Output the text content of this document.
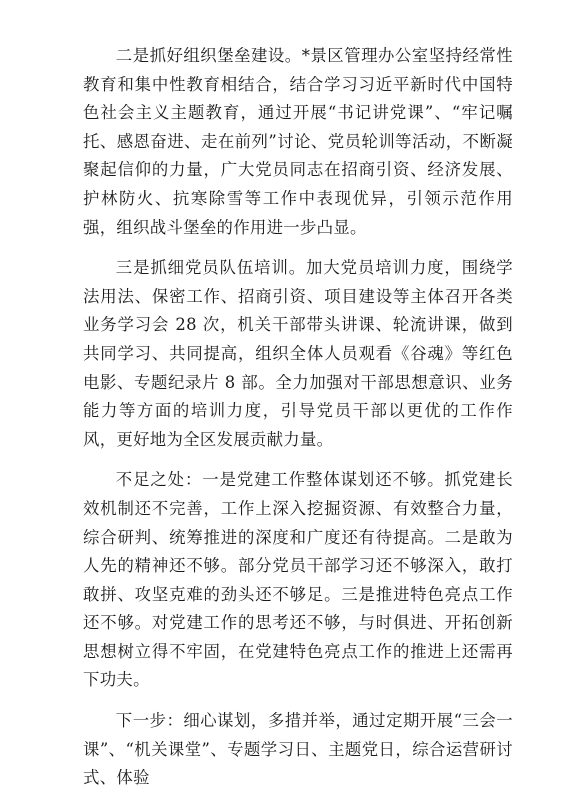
二是抓好组织堡垒建设。*景区管理办公室坚持经常性教育和集中性教育相结合，结合学习习近平新时代中国特色社会主义主题教育，通过开展“书记讲党课”、“牢记嘱托、感恩奋进、走在前列”讨论、党员轮训等活动，不断凝聚起信仰的力量，广大党员同志在招商引资、经济发展、护林防火、抗寒除雪等工作中表现优异，引领示范作用强，组织战斗堡垒的作用进一步凸显。

三是抓细党员队伍培训。加大党员培训力度，围绕学法用法、保密工作、招商引资、项目建设等主体召开各类业务学习会 28 次，机关干部带头讲课、轮流讲课，做到共同学习、共同提高，组织全体人员观看《谷魂》等红色电影、专题纪录片 8 部。全力加强对干部思想意识、业务能力等方面的培训力度，引导党员干部以更优的工作作风，更好地为全区发展贡献力量。

不足之处：一是党建工作整体谋划还不够。抓党建长效机制还不完善，工作上深入挖掘资源、有效整合力量，综合研判、统筹推进的深度和广度还有待提高。二是敢为人先的精神还不够。部分党员干部学习还不够深入，敢打敢拼、攻坚克难的劲头还不够足。三是推进特色亮点工作还不够。对党建工作的思考还不够，与时俱进、开拓创新思想树立得不牢固，在党建特色亮点工作的推进上还需再下功夫。

下一步：细心谋划，多措并举，通过定期开展“三会一课”、“机关课堂”、专题学习日、主题党日，综合运营研讨式、体验
